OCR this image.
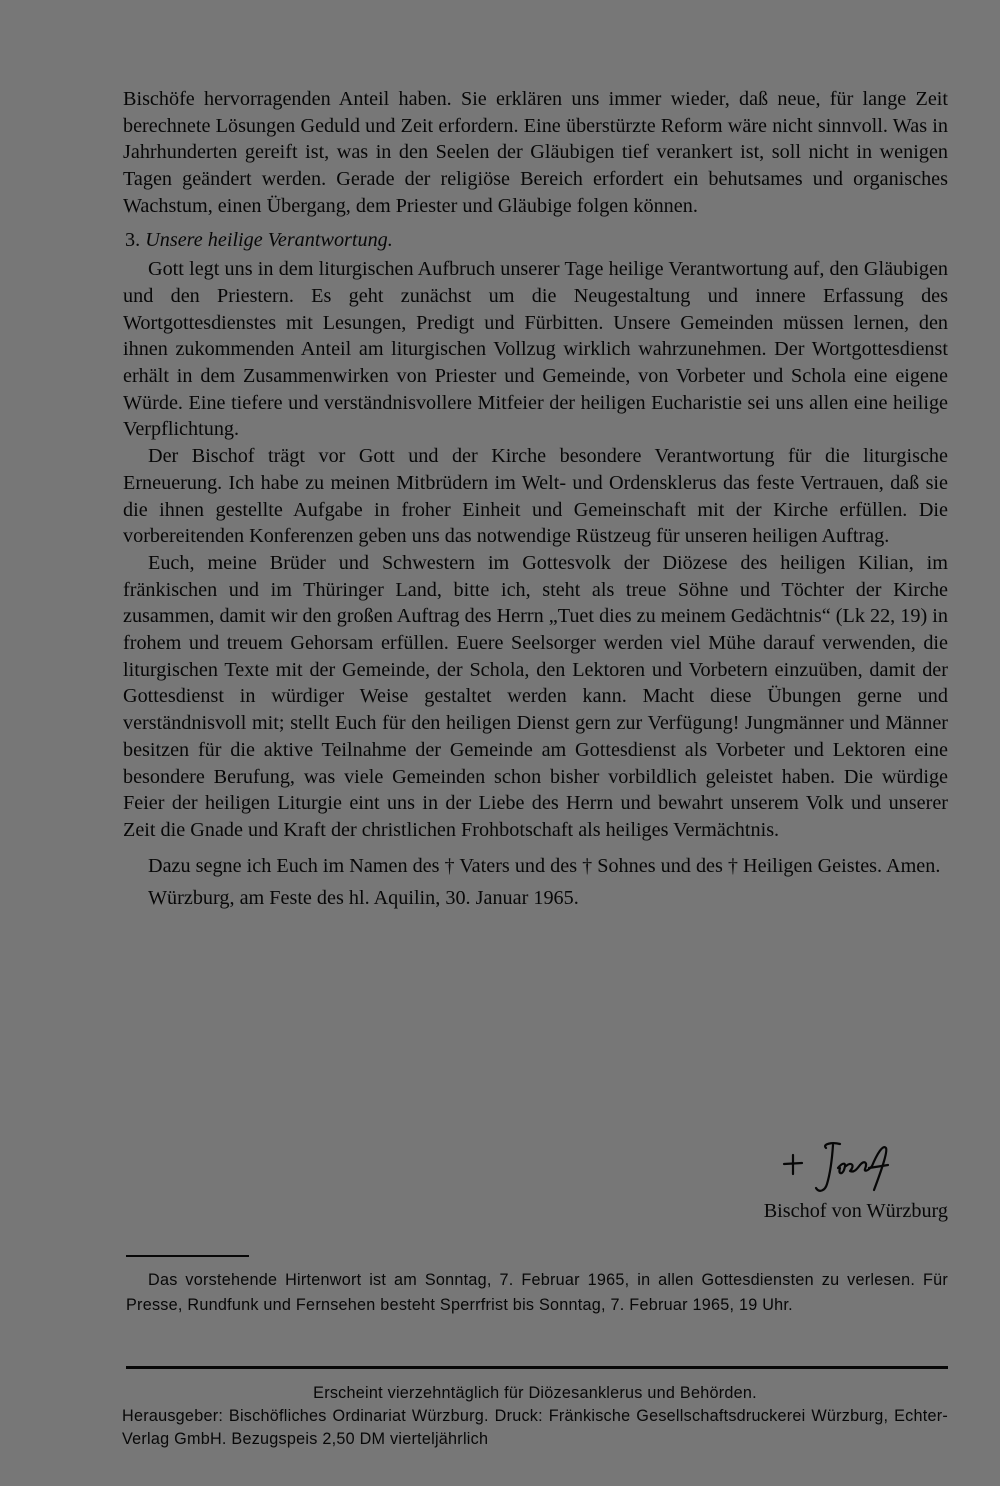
Bischöfe hervorragenden Anteil haben. Sie erklären uns immer wieder, daß neue, für lange Zeit berechnete Lösungen Geduld und Zeit erfordern. Eine überstürzte Reform wäre nicht sinnvoll. Was in Jahrhunderten gereift ist, was in den Seelen der Gläubigen tief verankert ist, soll nicht in wenigen Tagen geändert werden. Gerade der religiöse Bereich erfordert ein behutsames und organisches Wachstum, einen Übergang, dem Priester und Gläubige folgen können.

3. Unsere heilige Verantwortung.

Gott legt uns in dem liturgischen Aufbruch unserer Tage heilige Verantwortung auf, den Gläubigen und den Priestern. Es geht zunächst um die Neugestaltung und innere Erfassung des Wortgottesdienstes mit Lesungen, Predigt und Fürbitten. Unsere Gemeinden müssen lernen, den ihnen zukommenden Anteil am liturgischen Vollzug wirklich wahrzunehmen. Der Wortgottesdienst erhält in dem Zusammenwirken von Priester und Gemeinde, von Vorbeter und Schola eine eigene Würde. Eine tiefere und verständnisvollere Mitfeier der heiligen Eucharistie sei uns allen eine heilige Verpflichtung.

Der Bischof trägt vor Gott und der Kirche besondere Verantwortung für die liturgische Erneuerung. Ich habe zu meinen Mitbrüdern im Welt- und Ordensklerus das feste Vertrauen, daß sie die ihnen gestellte Aufgabe in froher Einheit und Gemeinschaft mit der Kirche erfüllen. Die vorbereitenden Konferenzen geben uns das notwendige Rüstzeug für unseren heiligen Auftrag.

Euch, meine Brüder und Schwestern im Gottesvolk der Diözese des heiligen Kilian, im fränkischen und im Thüringer Land, bitte ich, steht als treue Söhne und Töchter der Kirche zusammen, damit wir den großen Auftrag des Herrn „Tuet dies zu meinem Gedächtnis“ (Lk 22, 19) in frohem und treuem Gehorsam erfüllen. Euere Seelsorger werden viel Mühe darauf verwenden, die liturgischen Texte mit der Gemeinde, der Schola, den Lektoren und Vorbetern einzuüben, damit der Gottesdienst in würdiger Weise gestaltet werden kann. Macht diese Übungen gerne und verständnisvoll mit; stellt Euch für den heiligen Dienst gern zur Verfügung! Jungmänner und Männer besitzen für die aktive Teilnahme der Gemeinde am Gottesdienst als Vorbeter und Lektoren eine besondere Berufung, was viele Gemeinden schon bisher vorbildlich geleistet haben. Die würdige Feier der heiligen Liturgie eint uns in der Liebe des Herrn und bewahrt unserem Volk und unserer Zeit die Gnade und Kraft der christlichen Frohbotschaft als heiliges Vermächtnis.

Dazu segne ich Euch im Namen des † Vaters und des † Sohnes und des † Heiligen Geistes. Amen.

Würzburg, am Feste des hl. Aquilin, 30. Januar 1965.

Bischof von Würzburg

Das vorstehende Hirtenwort ist am Sonntag, 7. Februar 1965, in allen Gottesdiensten zu verlesen. Für Presse, Rundfunk und Fernsehen besteht Sperrfrist bis Sonntag, 7. Februar 1965, 19 Uhr.

Erscheint vierzehntäglich für Diözesanklerus und Behörden.

Herausgeber: Bischöfliches Ordinariat Würzburg. Druck: Fränkische Gesellschaftsdruckerei Würzburg, Echter-Verlag GmbH. Bezugspeis 2,50 DM vierteljährlich
